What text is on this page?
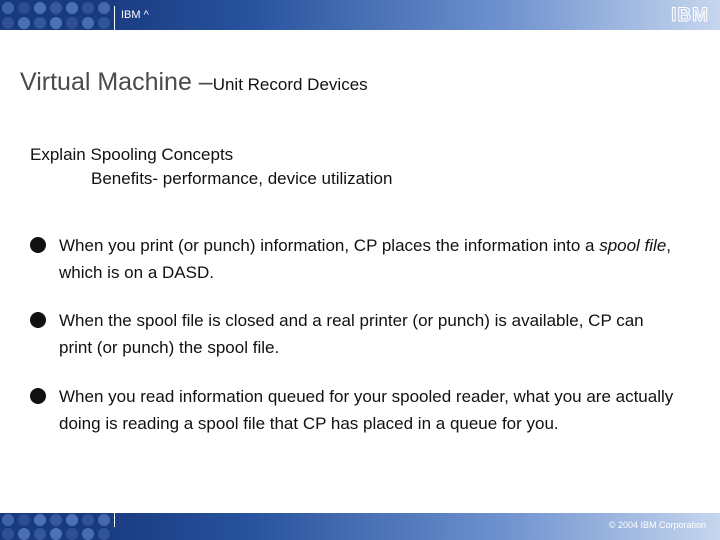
IBM ^	IBM
Virtual Machine –Unit Record Devices
Explain Spooling Concepts
Benefits- performance, device utilization
When you print (or punch) information, CP places the information into a spool file, which is on a DASD.
When the spool file is closed and a real printer (or punch) is available, CP can print (or punch) the spool file.
When you read information queued for your spooled reader, what you are actually doing is reading a spool file that CP has placed in a queue for you.
© 2004 IBM Corporation
